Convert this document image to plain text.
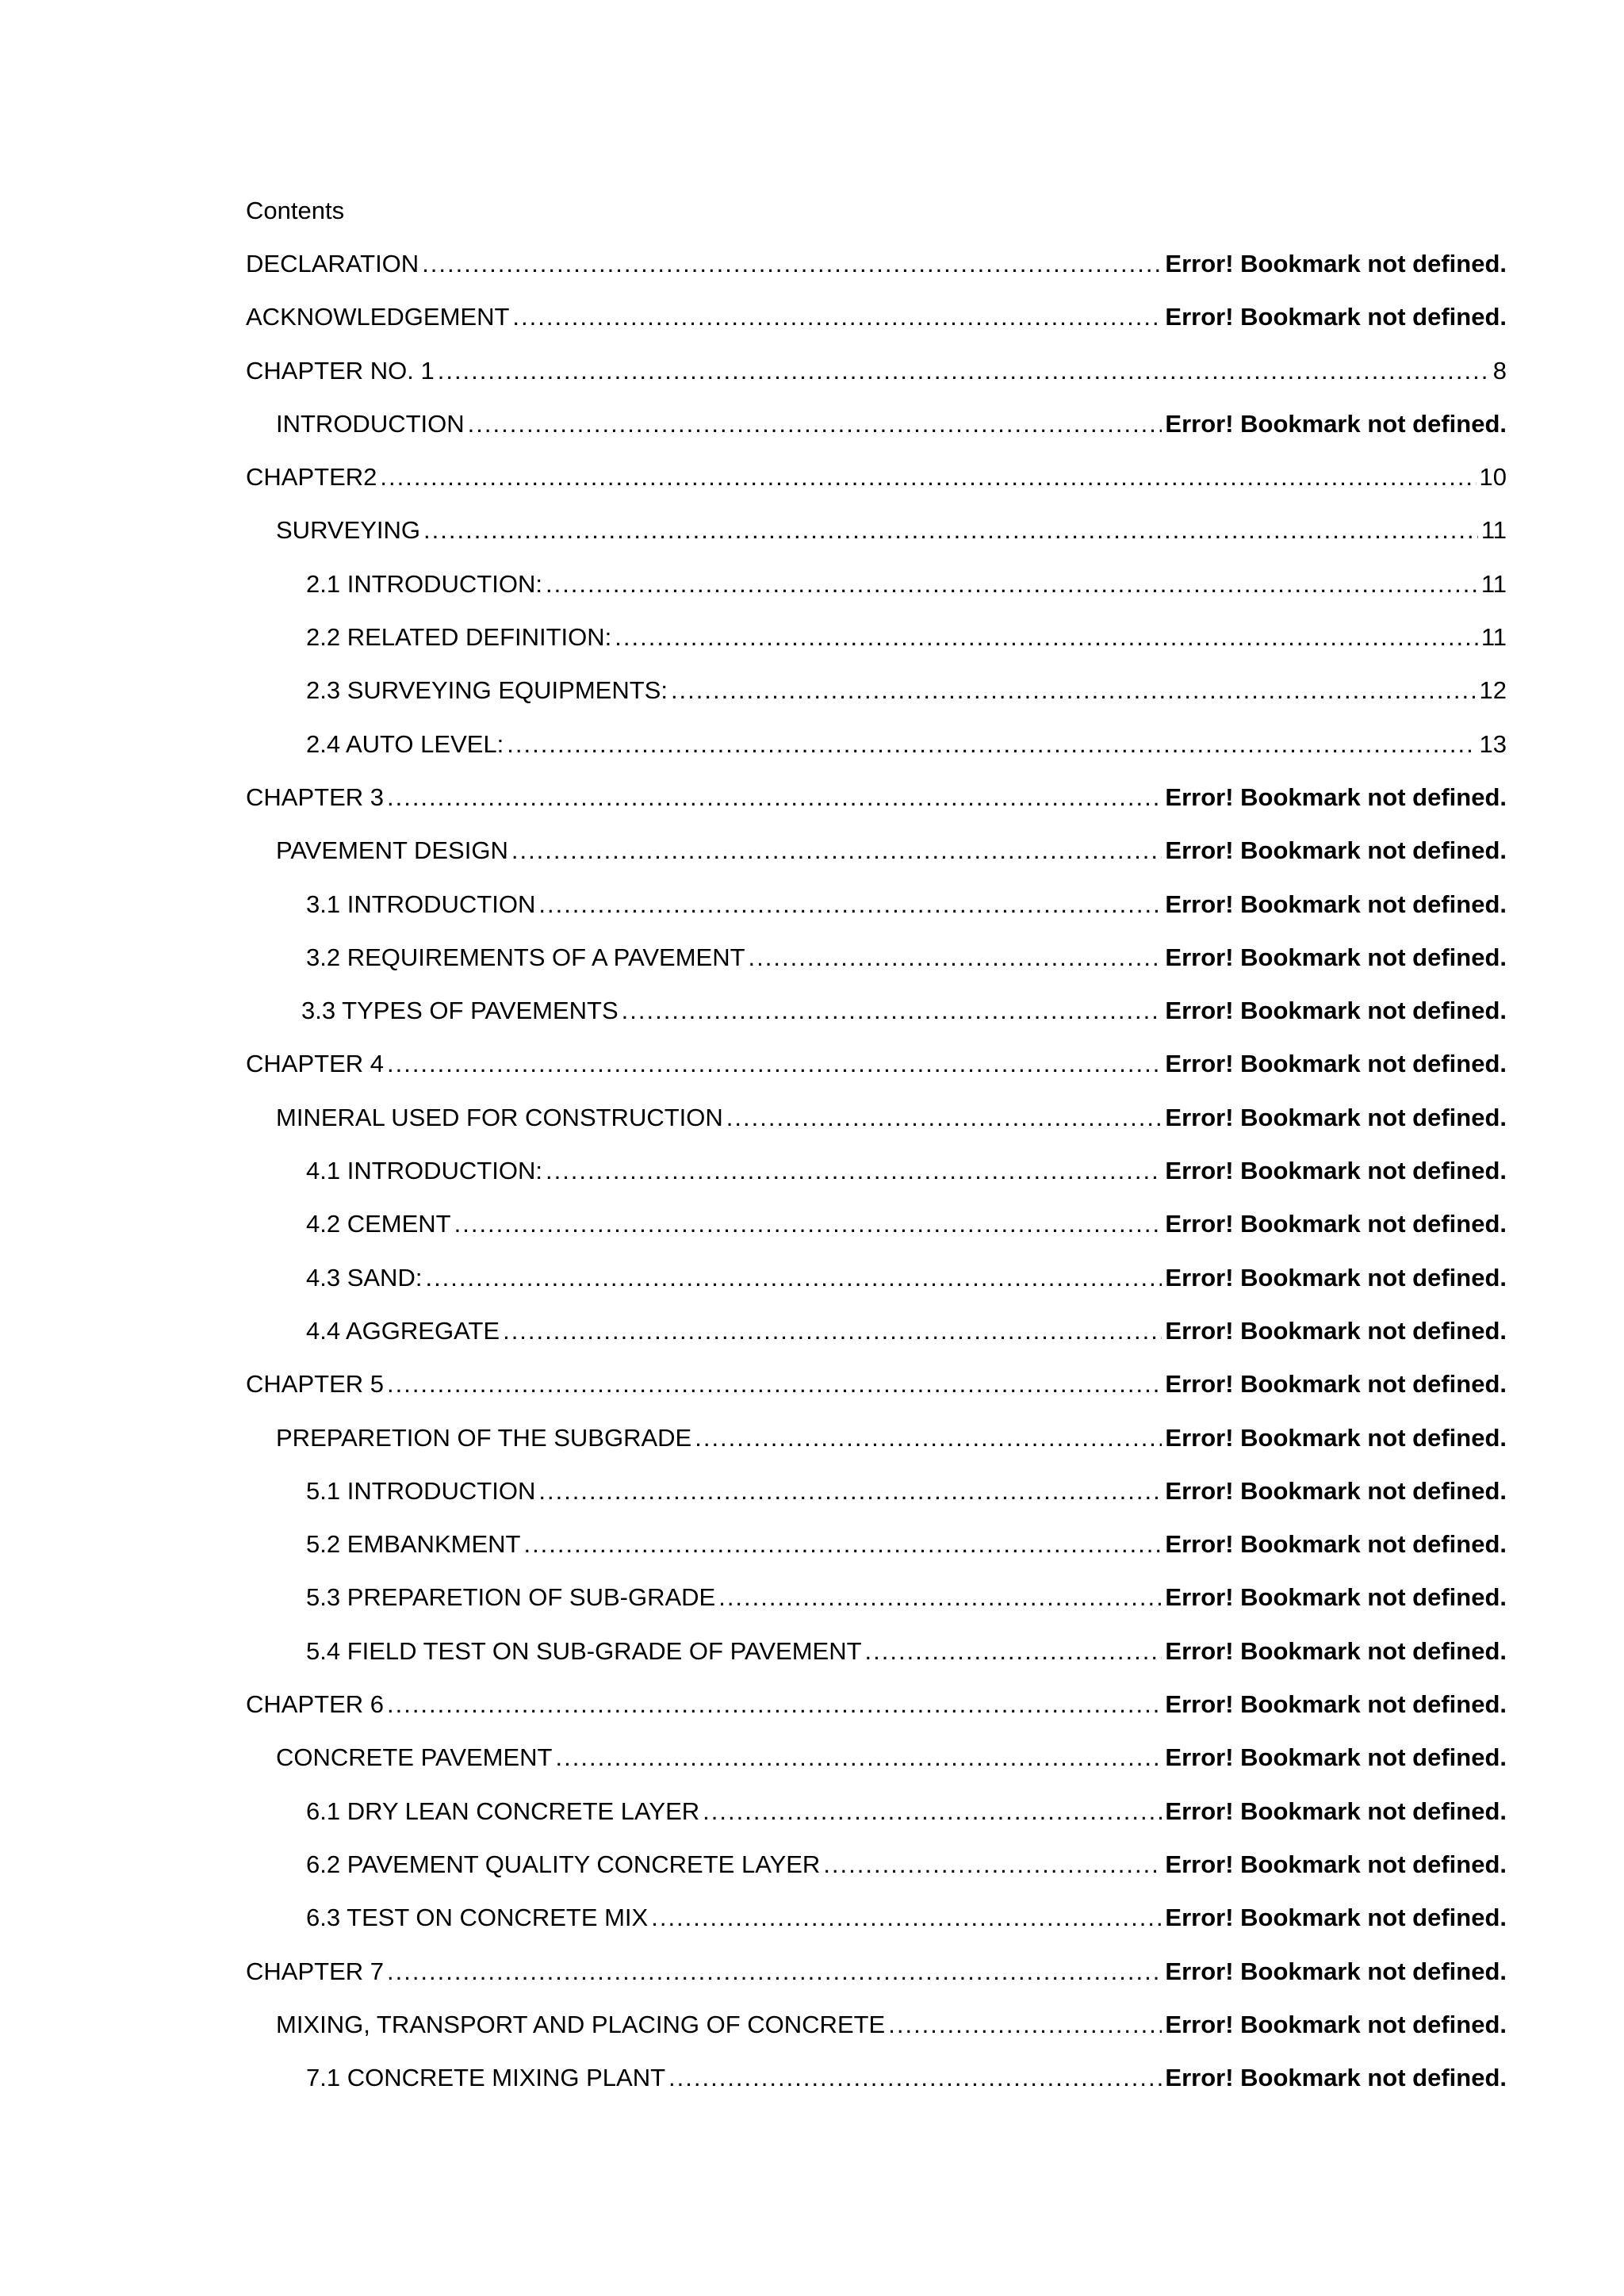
Contents
DECLARATION .....	Error! Bookmark not defined.
ACKNOWLEDGEMENT .....	Error! Bookmark not defined.
CHAPTER NO. 1 .....	8
INTRODUCTION .....	Error! Bookmark not defined.
CHAPTER2 .....	10
SURVEYING .....	11
2.1 INTRODUCTION: .....	11
2.2 RELATED DEFINITION: .....	11
2.3 SURVEYING EQUIPMENTS: .....	12
2.4 AUTO LEVEL: .....	13
CHAPTER 3 .....	Error! Bookmark not defined.
PAVEMENT DESIGN .....	Error! Bookmark not defined.
3.1 INTRODUCTION .....	Error! Bookmark not defined.
3.2 REQUIREMENTS OF A PAVEMENT .....	Error! Bookmark not defined.
3.3 TYPES OF PAVEMENTS .....	Error! Bookmark not defined.
CHAPTER 4 .....	Error! Bookmark not defined.
MINERAL USED FOR CONSTRUCTION .....	Error! Bookmark not defined.
4.1 INTRODUCTION: .....	Error! Bookmark not defined.
4.2 CEMENT .....	Error! Bookmark not defined.
4.3 SAND: .....	Error! Bookmark not defined.
4.4 AGGREGATE .....	Error! Bookmark not defined.
CHAPTER 5 .....	Error! Bookmark not defined.
PREPARETION OF THE SUBGRADE .....	Error! Bookmark not defined.
5.1 INTRODUCTION .....	Error! Bookmark not defined.
5.2 EMBANKMENT .....	Error! Bookmark not defined.
5.3 PREPARETION OF SUB-GRADE .....	Error! Bookmark not defined.
5.4 FIELD TEST ON SUB-GRADE OF PAVEMENT .....	Error! Bookmark not defined.
CHAPTER 6 .....	Error! Bookmark not defined.
CONCRETE PAVEMENT .....	Error! Bookmark not defined.
6.1 DRY LEAN CONCRETE LAYER .....	Error! Bookmark not defined.
6.2 PAVEMENT QUALITY CONCRETE LAYER .....	Error! Bookmark not defined.
6.3 TEST ON CONCRETE MIX .....	Error! Bookmark not defined.
CHAPTER 7 .....	Error! Bookmark not defined.
MIXING, TRANSPORT AND PLACING OF CONCRETE .....	Error! Bookmark not defined.
7.1 CONCRETE MIXING PLANT .....	Error! Bookmark not defined.
